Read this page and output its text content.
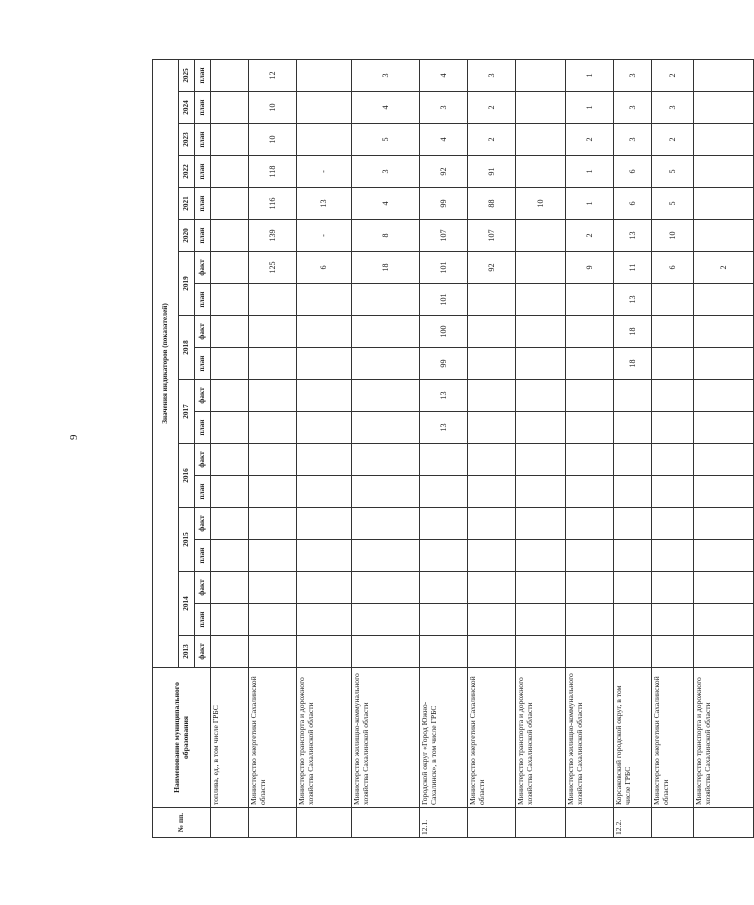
9
№ пп.	Наименование муниципального образования	Значения индикаторов (показателей)																		
		2013	2014		2015		2016		2017		2018		2019		2020	2021	2022	2023	2024	2025
		факт	план	факт	план	факт	план	факт	план	факт	план	факт	план	факт	план	план	план	план	план	план
	топлива, ед., в том числе ГРБС																			
	Министерство энергетики Сахалинской области													125	139	116	118	10	10	12
	Министерство транспорта и дорожного хозяйства Сахалинской области													6	-	13	-			
	Министерство жилищно-коммунального хозяйства Сахалинской области													18	8	4	3	5	4	3
12.1.	Городской округ «Город Южно-Сахалинск», в том числе ГРБС								13	13	99	100	101	101	107	99	92	4	3	4
	Министерство энергетики Сахалинской области													92	107	88	91	2	2	3
	Министерство транспорта и дорожного хозяйства Сахалинской области															10				
	Министерство жилищно-коммунального хозяйства Сахалинской области													9	2	1	1	2	1	1
12.2.	Корсаковский городской округ, в том числе ГРБС										18	18	13	11	13	6	6	3	3	3
	Министерство энергетики Сахалинской области													6	10	5	5	2	3	2
	Министерство транспорта и дорожного хозяйства Сахалинской области													2						
